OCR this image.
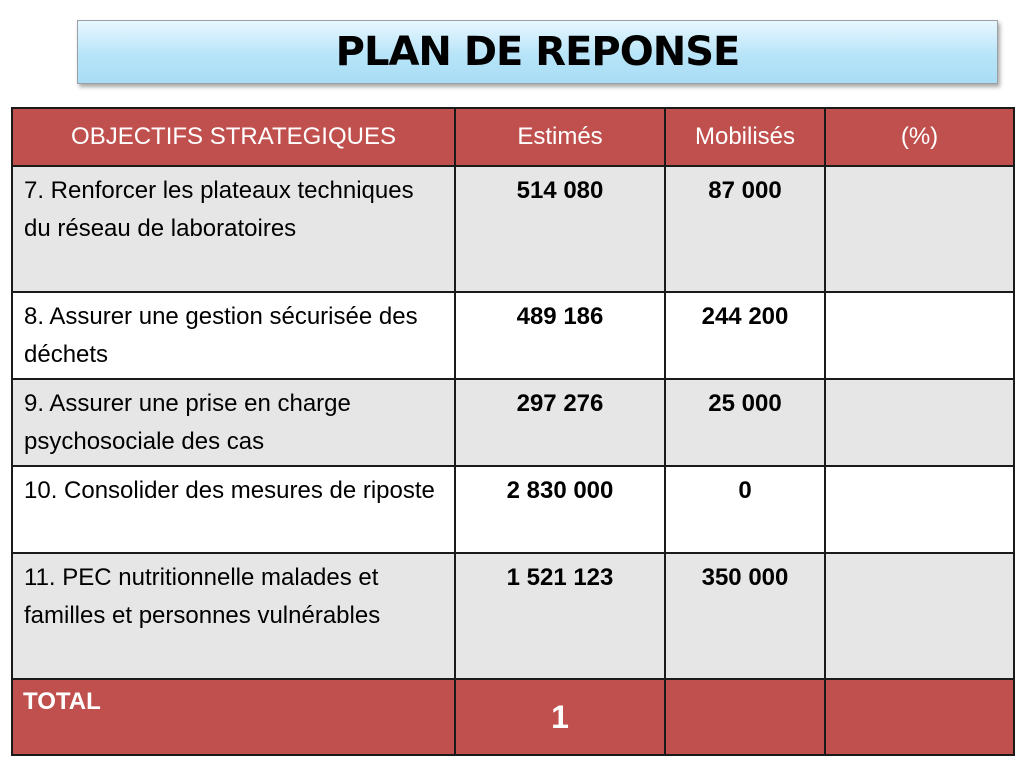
PLAN DE REPONSE
OBJECTIFS STRATEGIQUES	Estimés	Mobilisés	(%)
7. Renforcer les plateaux techniques du réseau de laboratoires	514 080	87 000	
8. Assurer une gestion sécurisée des déchets	489 186	244 200	
9. Assurer une prise en charge psychosociale des cas	297 276	25 000	
10. Consolider des mesures de riposte	2 830 000	0	
11. PEC nutritionnelle malades et familles et personnes vulnérables	1 521 123	350 000	
TOTAL	1		
